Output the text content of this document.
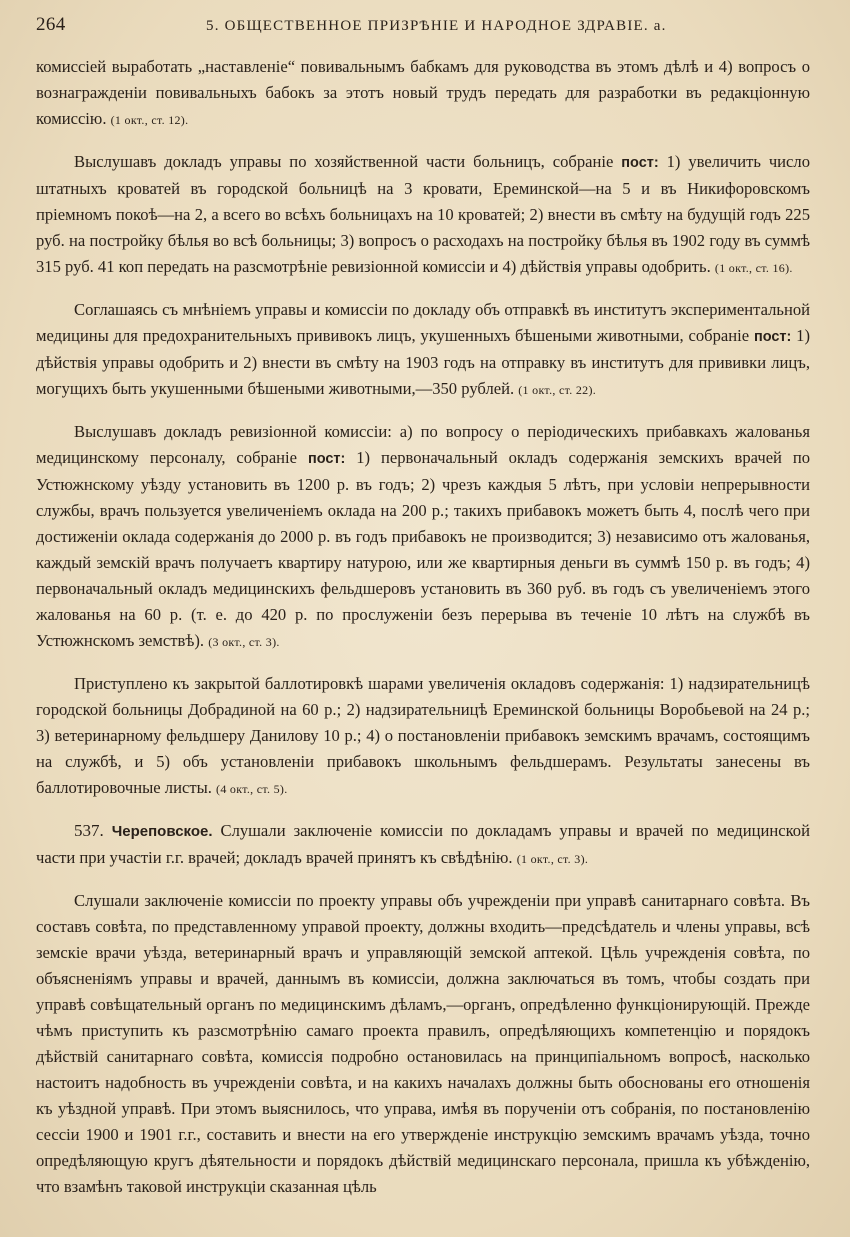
264	5. ОБЩЕСТВЕННОЕ ПРИЗРѢНІЕ И НАРОДНОЕ ЗДРАВІЕ. а.

комиссіей выработать „наставленіе“ повивальнымъ бабкамъ для руководства въ этомъ дѣлѣ и 4) вопросъ о вознагражденіи повивальныхъ бабокъ за этотъ новый трудъ передать для разработки въ редакціонную комиссію. (1 окт., ст. 12).

Выслушавъ докладъ управы по хозяйственной части больницъ, собраніе пост: 1) увеличить число штатныхъ кроватей въ городской больницѣ на 3 кровати, Ереминской—на 5 и въ Никифоровскомъ пріемномъ покоѣ—на 2, а всего во всѣхъ больницахъ на 10 кроватей; 2) внести въ смѣту на будущій годъ 225 руб. на постройку бѣлья во всѣ больницы; 3) вопросъ о расходахъ на постройку бѣлья въ 1902 году въ суммѣ 315 руб. 41 коп передать на разсмотрѣніе ревизіонной комиссіи и 4) дѣйствія управы одобрить. (1 окт., ст. 16).

Соглашаясь съ мнѣніемъ управы и комиссіи по докладу объ отправкѣ въ институтъ экспериментальной медицины для предохранительныхъ прививокъ лицъ, укушенныхъ бѣшеными животными, собраніе пост: 1) дѣйствія управы одобрить и 2) внести въ смѣту на 1903 годъ на отправку въ институтъ для прививки лицъ, могущихъ быть укушенными бѣшеными животными,—350 рублей. (1 окт., ст. 22).

Выслушавъ докладъ ревизіонной комиссіи: а) по вопросу о періодическихъ прибавкахъ жалованья медицинскому персоналу, собраніе пост: 1) первоначальный окладъ содержанія земскихъ врачей по Устюжнскому уѣзду установить въ 1200 р. въ годъ; 2) чрезъ каждыя 5 лѣтъ, при условіи непрерывности службы, врачъ пользуется увеличеніемъ оклада на 200 р.; такихъ прибавокъ можетъ быть 4, послѣ чего при достиженіи оклада содержанія до 2000 р. въ годъ прибавокъ не производится; 3) независимо отъ жалованья, каждый земскій врачъ получаетъ квартиру натурою, или же квартирныя деньги въ суммѣ 150 р. въ годъ; 4) первоначальный окладъ медицинскихъ фельдшеровъ установить въ 360 руб. въ годъ съ увеличеніемъ этого жалованья на 60 р. (т. е. до 420 р. по прослуженіи безъ перерыва въ теченіе 10 лѣтъ на службѣ въ Устюжнскомъ земствѣ). (3 окт., ст. 3).

Приступлено къ закрытой баллотировкѣ шарами увеличенія окладовъ содержанія: 1) надзирательницѣ городской больницы Добрадиной на 60 р.; 2) надзирательницѣ Ереминской больницы Воробьевой на 24 р.; 3) ветеринарному фельдшеру Данилову 10 р.; 4) о постановленіи прибавокъ земскимъ врачамъ, состоящимъ на службѣ, и 5) объ установленіи прибавокъ школьнымъ фельдшерамъ. Результаты занесены въ баллотировочные листы. (4 окт., ст. 5).

537. Череповское. Слушали заключеніе комиссіи по докладамъ управы и врачей по медицинской части при участіи г.г. врачей; докладъ врачей принятъ къ свѣдѣнію. (1 окт., ст. 3).

Слушали заключеніе комиссіи по проекту управы объ учрежденіи при управѣ санитарнаго совѣта. Въ составъ совѣта, по представленному управой проекту, должны входить—предсѣдатель и члены управы, всѣ земскіе врачи уѣзда, ветеринарный врачъ и управляющій земской аптекой. Цѣль учрежденія совѣта, по объясненіямъ управы и врачей, даннымъ въ комиссіи, должна заключаться въ томъ, чтобы создать при управѣ совѣщательный органъ по медицинскимъ дѣламъ,—органъ, опредѣленно функціонирующій. Прежде чѣмъ приступить къ разсмотрѣнію самаго проекта правилъ, опредѣляющихъ компетенцію и порядокъ дѣйствій санитарнаго совѣта, комиссія подробно остановилась на принципіальномъ вопросѣ, насколько настоитъ надобность въ учрежденіи совѣта, и на какихъ началахъ должны быть обоснованы его отношенія къ уѣздной управѣ. При этомъ выяснилось, что управа, имѣя въ порученіи отъ собранія, по постановленію сессіи 1900 и 1901 г.г., составить и внести на его утвержденіе инструкцію земскимъ врачамъ уѣзда, точно опредѣляющую кругъ дѣятельности и порядокъ дѣйствій медицинскаго персонала, пришла къ убѣжденію, что взамѣнъ таковой инструкціи сказанная цѣль
